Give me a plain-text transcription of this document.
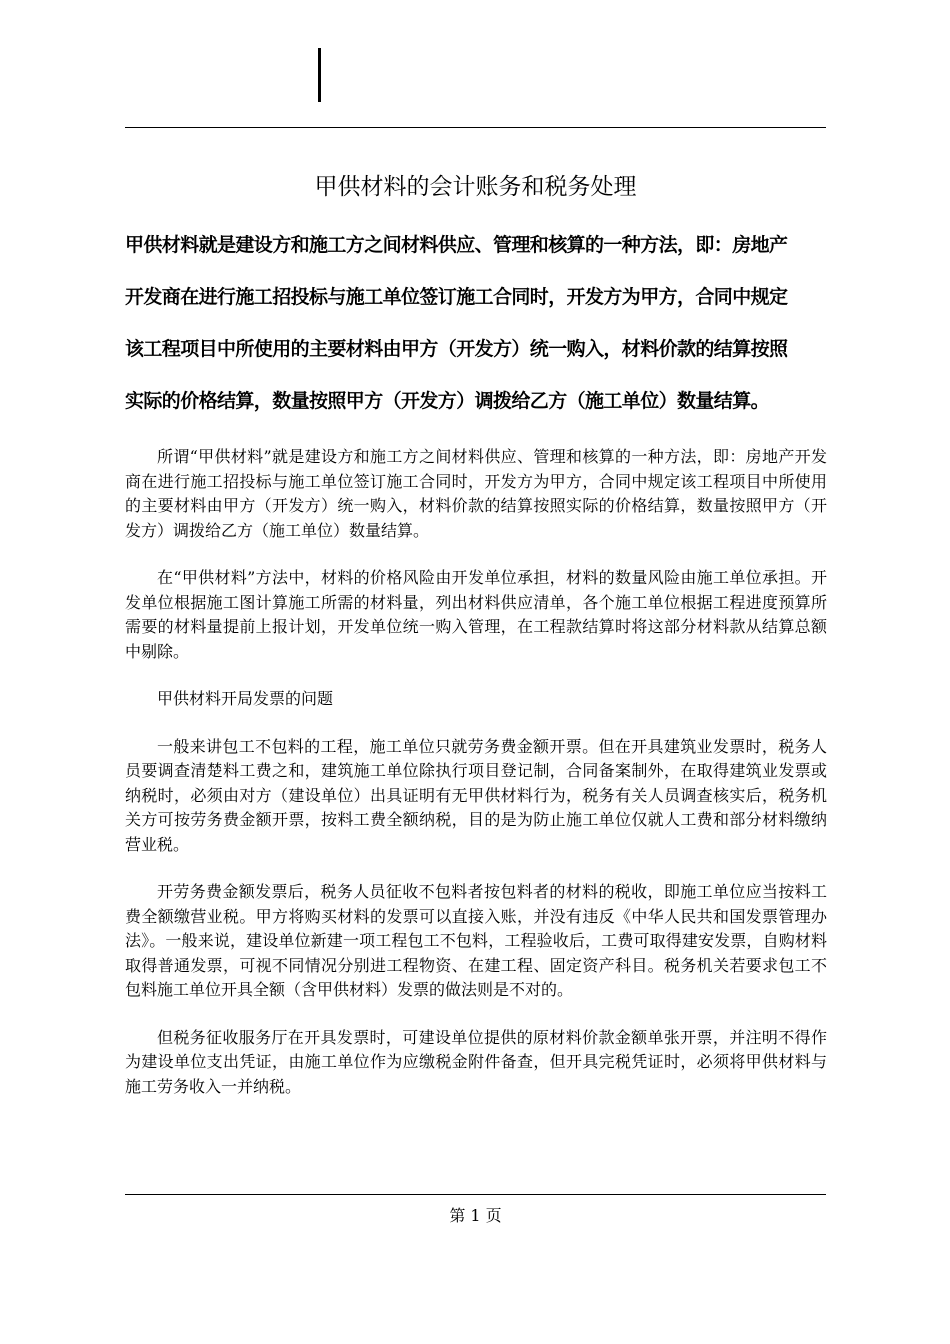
甲供材料的会计账务和税务处理
甲供材料就是建设方和施工方之间材料供应、管理和核算的一种方法，即：房地产
开发商在进行施工招投标与施工单位签订施工合同时，开发方为甲方，合同中规定
该工程项目中所使用的主要材料由甲方（开发方）统一购入，材料价款的结算按照
实际的价格结算，数量按照甲方（开发方）调拨给乙方（施工单位）数量结算。

所谓“甲供材料”就是建设方和施工方之间材料供应、管理和核算的一种方法，即：房地产开发商在进行施工招投标与施工单位签订施工合同时，开发方为甲方，合同中规定该工程项目中所使用的主要材料由甲方（开发方）统一购入，材料价款的结算按照实际的价格结算，数量按照甲方（开发方）调拨给乙方（施工单位）数量结算。

在“甲供材料”方法中，材料的价格风险由开发单位承担，材料的数量风险由施工单位承担。开发单位根据施工图计算施工所需的材料量，列出材料供应清单，各个施工单位根据工程进度预算所需要的材料量提前上报计划，开发单位统一购入管理，在工程款结算时将这部分材料款从结算总额中剔除。

甲供材料开局发票的问题

一般来讲包工不包料的工程，施工单位只就劳务费金额开票。但在开具建筑业发票时，税务人员要调查清楚料工费之和，建筑施工单位除执行项目登记制，合同备案制外，在取得建筑业发票或纳税时，必须由对方（建设单位）出具证明有无甲供材料行为，税务有关人员调查核实后，税务机关方可按劳务费金额开票，按料工费全额纳税，目的是为防止施工单位仅就人工费和部分材料缴纳营业税。

开劳务费金额发票后，税务人员征收不包料者按包料者的材料的税收，即施工单位应当按料工费全额缴营业税。甲方将购买材料的发票可以直接入账，并没有违反《中华人民共和国发票管理办法》。一般来说，建设单位新建一项工程包工不包料，工程验收后，工费可取得建安发票，自购材料取得普通发票，可视不同情况分别进工程物资、在建工程、固定资产科目。税务机关若要求包工不包料施工单位开具全额（含甲供材料）发票的做法则是不对的。

但税务征收服务厅在开具发票时，可建设单位提供的原材料价款金额单张开票，并注明不得作为建设单位支出凭证，由施工单位作为应缴税金附件备查，但开具完税凭证时，必须将甲供材料与施工劳务收入一并纳税。

第 1 页
